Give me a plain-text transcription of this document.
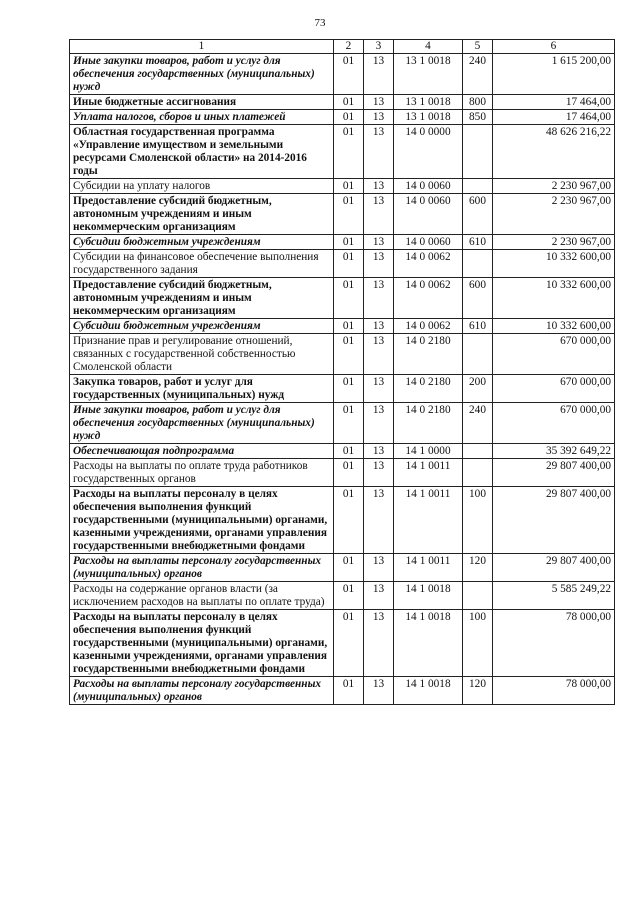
73
1	2	3	4	5	6
Иные закупки товаров, работ и услуг для обеспечения государственных (муниципальных) нужд	01	13	13 1 0018	240	1 615 200,00
Иные бюджетные ассигнования	01	13	13 1 0018	800	17 464,00
Уплата налогов, сборов и иных платежей	01	13	13 1 0018	850	17 464,00
Областная государственная программа «Управление имуществом и земельными ресурсами Смоленской области» на 2014-2016 годы	01	13	14 0 0000		48 626 216,22
Субсидии на уплату налогов	01	13	14 0 0060		2 230 967,00
Предоставление субсидий бюджетным, автономным учреждениям и иным некоммерческим организациям	01	13	14 0 0060	600	2 230 967,00
Субсидии бюджетным учреждениям	01	13	14 0 0060	610	2 230 967,00
Субсидии на финансовое обеспечение выполнения государственного задания	01	13	14 0 0062		10 332 600,00
Предоставление субсидий бюджетным, автономным учреждениям и иным некоммерческим организациям	01	13	14 0 0062	600	10 332 600,00
Субсидии бюджетным учреждениям	01	13	14 0 0062	610	10 332 600,00
Признание прав и регулирование отношений, связанных с государственной собственностью Смоленской области	01	13	14 0 2180		670 000,00
Закупка товаров, работ и услуг для государственных (муниципальных) нужд	01	13	14 0 2180	200	670 000,00
Иные закупки товаров, работ и услуг для обеспечения государственных (муниципальных) нужд	01	13	14 0 2180	240	670 000,00
Обеспечивающая подпрограмма	01	13	14 1 0000		35 392 649,22
Расходы на выплаты по оплате труда работников государственных органов	01	13	14 1 0011		29 807 400,00
Расходы на выплаты персоналу в целях обеспечения выполнения функций государственными (муниципальными) органами, казенными учреждениями, органами управления государственными внебюджетными фондами	01	13	14 1 0011	100	29 807 400,00
Расходы на выплаты персоналу государственных (муниципальных) органов	01	13	14 1 0011	120	29 807 400,00
Расходы на содержание органов власти (за исключением расходов на выплаты по оплате труда)	01	13	14 1 0018		5 585 249,22
Расходы на выплаты персоналу в целях обеспечения выполнения функций государственными (муниципальными) органами, казенными учреждениями, органами управления государственными внебюджетными фондами	01	13	14 1 0018	100	78 000,00
Расходы на выплаты персоналу государственных (муниципальных) органов	01	13	14 1 0018	120	78 000,00
